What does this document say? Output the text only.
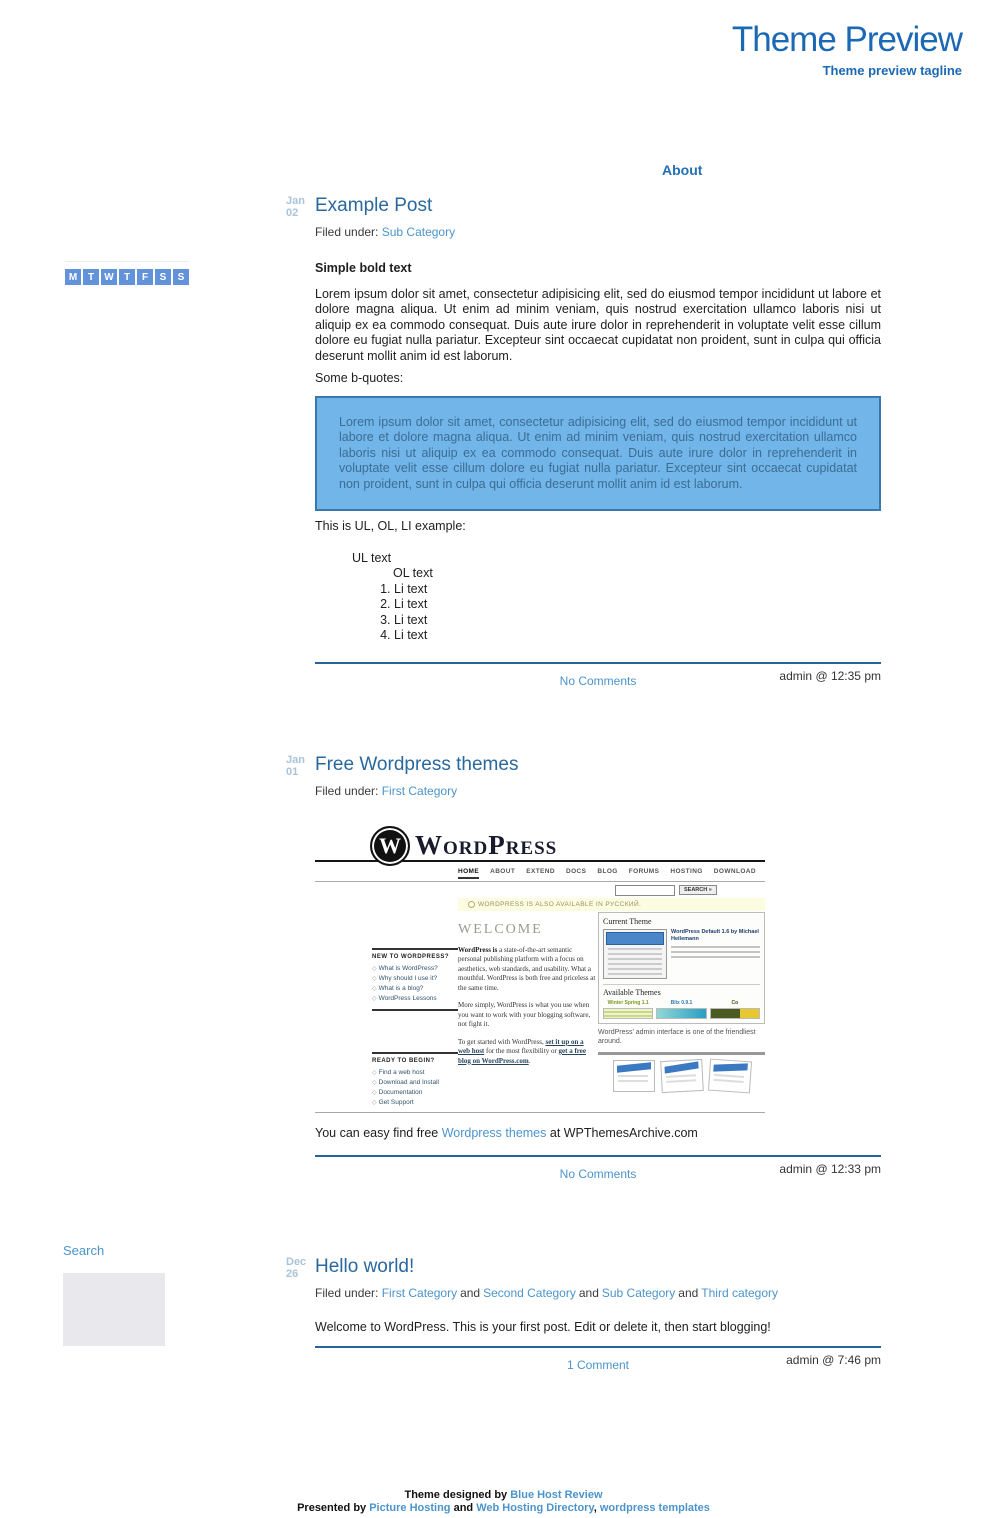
Theme Preview
Theme preview tagline
About
M	T	W	T	F	S	S
Search
Jan
02 Example Post
Filed under: Sub Category
Simple bold text
Lorem ipsum dolor sit amet, consectetur adipisicing elit, sed do eiusmod tempor incididunt ut labore et dolore magna aliqua. Ut enim ad minim veniam, quis nostrud exercitation ullamco laboris nisi ut aliquip ex ea commodo consequat. Duis aute irure dolor in reprehenderit in voluptate velit esse cillum dolore eu fugiat nulla pariatur. Excepteur sint occaecat cupidatat non proident, sunt in culpa qui officia deserunt mollit anim id est laborum.
Some b-quotes:
Lorem ipsum dolor sit amet, consectetur adipisicing elit, sed do eiusmod tempor incididunt ut labore et dolore magna aliqua. Ut enim ad minim veniam, quis nostrud exercitation ullamco laboris nisi ut aliquip ex ea commodo consequat. Duis aute irure dolor in reprehenderit in voluptate velit esse cillum dolore eu fugiat nulla pariatur. Excepteur sint occaecat cupidatat non proident, sunt in culpa qui officia deserunt mollit anim id est laborum.
This is UL, OL, LI example:
UL text
OL text
1. Li text
2. Li text
3. Li text
4. Li text
admin @ 12:35 pm
No Comments
Jan
01 Free Wordpress themes
Filed under: First Category
W WordPress
HOME ABOUT EXTEND DOCS BLOG FORUMS HOSTING DOWNLOAD
SEARCH »
WORDPRESS IS ALSO AVAILABLE IN РУССКИЙ.
NEW TO WORDPRESS?
◇ What is WordPress?
◇ Why should I use it?
◇ What is a blog?
◇ WordPress Lessons
READY TO BEGIN?
◇ Find a web host
◇ Download and Install
◇ Documentation
◇ Get Support
WELCOME
WordPress is a state-of-the-art semantic personal publishing platform with a focus on aesthetics, web standards, and usability. What a mouthful. WordPress is both free and priceless at the same time.
More simply, WordPress is what you use when you want to work with your blogging software, not fight it.
To get started with WordPress, set it up on a web host for the most flexibility or get a free blog on WordPress.com.
Current Theme
WordPress Default 1.6 by Michael Heilemann
Available Themes
Winter Spring 1.1	Blix 0.9.1	Co
WordPress' admin interface is one of the friendliest around.
You can easy find free Wordpress themes at WPThemesArchive.com
admin @ 12:33 pm
No Comments
Dec
26 Hello world!
Filed under: First Category and Second Category and Sub Category and Third category
Welcome to WordPress. This is your first post. Edit or delete it, then start blogging!
admin @ 7:46 pm
1 Comment
Theme designed by Blue Host Review
Presented by Picture Hosting and Web Hosting Directory, wordpress templates
